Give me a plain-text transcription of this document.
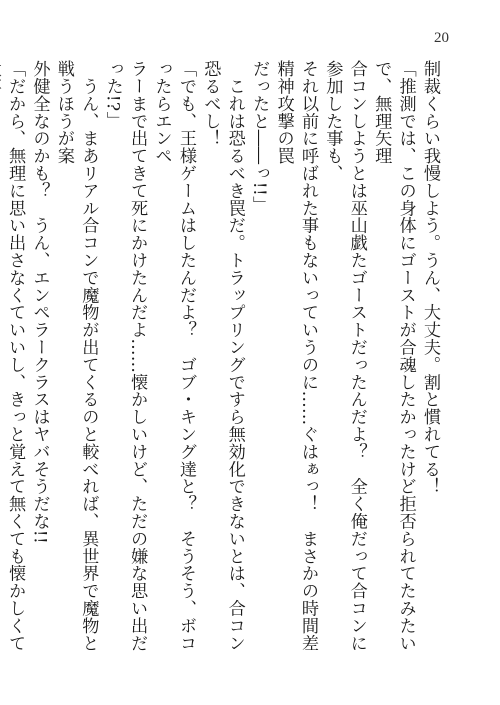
20

制裁くらい我慢しよう。うん、大丈夫。割と慣れてる！

「推測では、この身体にゴーストが合魂したかったけど拒否られてたみたいで、無理矢理

合コンしようとは巫山戯たゴーストだったんだよ？　全く俺だって合コンに参加した事も、

それ以前に呼ばれた事もないっていうのに……ぐはぁっ！　まさかの時間差精神攻撃の罠

だったと――っ!!」

　これは恐るべき罠だ。トラップリングですら無効化できないとは、合コン恐るべし！

「でも、王様ゲームはしたんだよ？　ゴブ・キング達と？　そうそう、ボコったらエンペ

ラーまで出てきて死にかけたんだよ……懐かしいけど、ただの嫌な思い出だった!?」

　うん、まあリアル合コンで魔物が出てくるのと較べれば、異世界で魔物と戦うほうが案

外健全なのかも？　うん、エンペラークラスはヤバそうだな!!

「だから、無理に思い出さなくていいし、きっと覚えて無くても懐かしくて
